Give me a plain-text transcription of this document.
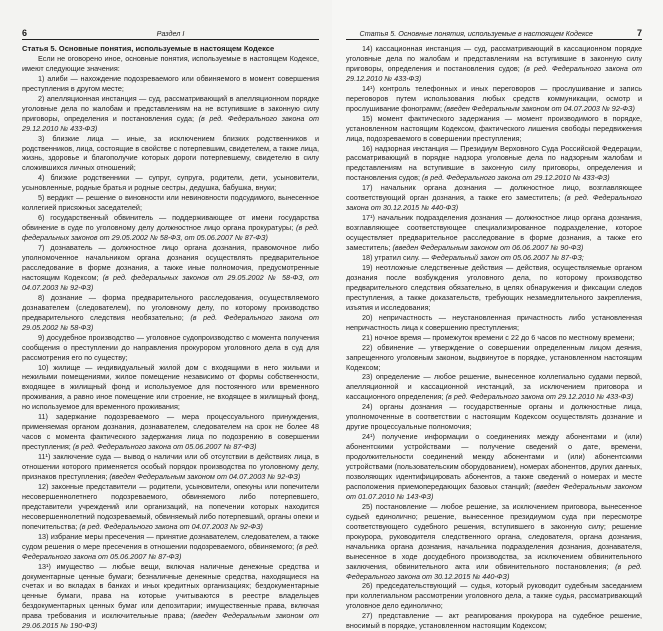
6	Раздел I
Статья 5. Основные понятия, используемые в настоящем Кодексе

Если не оговорено иное, основные понятия, используемые в настоящем Кодексе, имеют следующие значения:

1) алиби — нахождение подозреваемого или обвиняемого в момент совершения преступления в другом месте;

2) апелляционная инстанция — суд, рассматривающий в апелляционном порядке уголовные дела по жалобам и представлениям на не вступившие в законную силу приговоры, определения и постановления суда; (в ред. Федерального закона от 29.12.2010 № 433-ФЗ)

3) близкие лица — иные, за исключением близких родственников и родственников, лица, состоящие в свойстве с потерпевшим, свидетелем, а также лица, жизнь, здоровье и благополучие которых дороги потерпевшему, свидетелю в силу сложившихся личных отношений;

4) близкие родственники — супруг, супруга, родители, дети, усыновители, усыновленные, родные братья и родные сестры, дедушка, бабушка, внуки;

5) вердикт — решение о виновности или невиновности подсудимого, вынесенное коллегией присяжных заседателей;

6) государственный обвинитель — поддерживающее от имени государства обвинение в суде по уголовному делу должностное лицо органа прокуратуры; (в ред. федеральных законов от 29.05.2002 № 58-ФЗ, от 05.06.2007 № 87-ФЗ)

7) дознаватель — должностное лицо органа дознания, правомочное либо уполномоченное начальником органа дознания осуществлять предварительное расследование в форме дознания, а также иные полномочия, предусмотренные настоящим Кодексом; (в ред. федеральных законов от 29.05.2002 № 58-ФЗ, от 04.07.2003 № 92-ФЗ)

8) дознание — форма предварительного расследования, осуществляемого дознавателем (следователем), по уголовному делу, по которому производство предварительного следствия необязательно; (в ред. Федерального закона от 29.05.2002 № 58-ФЗ)

9) досудебное производство — уголовное судопроизводство с момента получения сообщения о преступлении до направления прокурором уголовного дела в суд для рассмотрения его по существу;

10) жилище — индивидуальный жилой дом с входящими в него жилыми и нежилыми помещениями, жилое помещение независимо от формы собственности, входящее в жилищный фонд и используемое для постоянного или временного проживания, а равно иное помещение или строение, не входящее в жилищный фонд, но используемое для временного проживания;

11) задержание подозреваемого — мера процессуального принуждения, применяемая органом дознания, дознавателем, следователем на срок не более 48 часов с момента фактического задержания лица по подозрению в совершении преступления; (в ред. Федерального закона от 05.06.2007 № 87-ФЗ)

11¹) заключение суда — вывод о наличии или об отсутствии в действиях лица, в отношении которого применяется особый порядок производства по уголовному делу, признаков преступления; (введен Федеральным законом от 04.07.2003 № 92-ФЗ)

12) законные представители — родители, усыновители, опекуны или попечители несовершеннолетнего подозреваемого, обвиняемого либо потерпевшего, представители учреждений или организаций, на попечении которых находится несовершеннолетний подозреваемый, обвиняемый либо потерпевший, органы опеки и попечительства; (в ред. Федерального закона от 04.07.2003 № 92-ФЗ)

13) избрание меры пресечения — принятие дознавателем, следователем, а также судом решения о мере пресечения в отношении подозреваемого, обвиняемого; (в ред. Федерального закона от 05.06.2007 № 87-ФЗ)

13¹) имущество — любые вещи, включая наличные денежные средства и документарные ценные бумаги; безналичные денежные средства, находящиеся на счетах и во вкладах в банках и иных кредитных организациях; бездокументарные ценные бумаги, права на которые учитываются в реестре владельцев бездокументарных ценных бумаг или депозитарии; имущественные права, включая права требования и исключительные права; (введен Федеральным законом от 29.06.2015 № 190-ФЗ)

Статья 5. Основные понятия, используемые в настоящем Кодексе	7

14) кассационная инстанция — суд, рассматривающий в кассационном порядке уголовные дела по жалобам и представлениям на вступившие в законную силу приговоры, определения и постановления судов; (в ред. Федерального закона от 29.12.2010 № 433-ФЗ)

14¹) контроль телефонных и иных переговоров — прослушивание и запись переговоров путем использования любых средств коммуникации, осмотр и прослушивание фонограмм; (введен Федеральным законом от 04.07.2003 № 92-ФЗ)

15) момент фактического задержания — момент производимого в порядке, установленном настоящим Кодексом, фактического лишения свободы передвижения лица, подозреваемого в совершении преступления;

16) надзорная инстанция — Президиум Верховного Суда Российской Федерации, рассматривающий в порядке надзора уголовные дела по надзорным жалобам и представлениям на вступившие в законную силу приговоры, определения и постановления судов; (в ред. Федерального закона от 29.12.2010 № 433-ФЗ)

17) начальник органа дознания — должностное лицо, возглавляющее соответствующий орган дознания, а также его заместитель; (в ред. Федерального закона от 30.12.2015 № 440-ФЗ)

17¹) начальник подразделения дознания — должностное лицо органа дознания, возглавляющее соответствующее специализированное подразделение, которое осуществляет предварительное расследование в форме дознания, а также его заместитель; (введен Федеральным законом от 06.06.2007 № 90-ФЗ)

18) утратил силу. — Федеральный закон от 05.06.2007 № 87-ФЗ;

19) неотложные следственные действия — действия, осуществляемые органом дознания после возбуждения уголовного дела, по которому производство предварительного следствия обязательно, в целях обнаружения и фиксации следов преступления, а также доказательств, требующих незамедлительного закрепления, изъятия и исследования;

20) непричастность — неустановленная причастность либо установленная непричастность лица к совершению преступления;

21) ночное время — промежуток времени с 22 до 6 часов по местному времени;

22) обвинение — утверждение о совершении определенным лицом деяния, запрещенного уголовным законом, выдвинутое в порядке, установленном настоящим Кодексом;

23) определение — любое решение, вынесенное коллегиально судами первой, апелляционной и кассационной инстанций, за исключением приговора и кассационного определения; (в ред. Федерального закона от 29.12.2010 № 433-ФЗ)

24) органы дознания — государственные органы и должностные лица, уполномоченные в соответствии с настоящим Кодексом осуществлять дознание и другие процессуальные полномочия;

24¹) получение информации о соединениях между абонентами и (или) абонентскими устройствами — получение сведений о дате, времени, продолжительности соединений между абонентами и (или) абонентскими устройствами (пользовательским оборудованием), номерах абонентов, других данных, позволяющих идентифицировать абонентов, а также сведений о номерах и месте расположения приемопередающих базовых станций; (введен Федеральным законом от 01.07.2010 № 143-ФЗ)

25) постановление — любое решение, за исключением приговора, вынесенное судьей единолично; решение, вынесенное президиумом суда при пересмотре соответствующего судебного решения, вступившего в законную силу; решение прокурора, руководителя следственного органа, следователя, органа дознания, начальника органа дознания, начальника подразделения дознания, дознавателя, вынесенное в ходе досудебного производства, за исключением обвинительного заключения, обвинительного акта или обвинительного постановления; (в ред. Федерального закона от 30.12.2015 № 440-ФЗ)

26) председательствующий — судья, который руководит судебным заседанием при коллегиальном рассмотрении уголовного дела, а также судья, рассматривающий уголовное дело единолично;

27) представление — акт реагирования прокурора на судебное решение, вносимый в порядке, установленном настоящим Кодексом;
